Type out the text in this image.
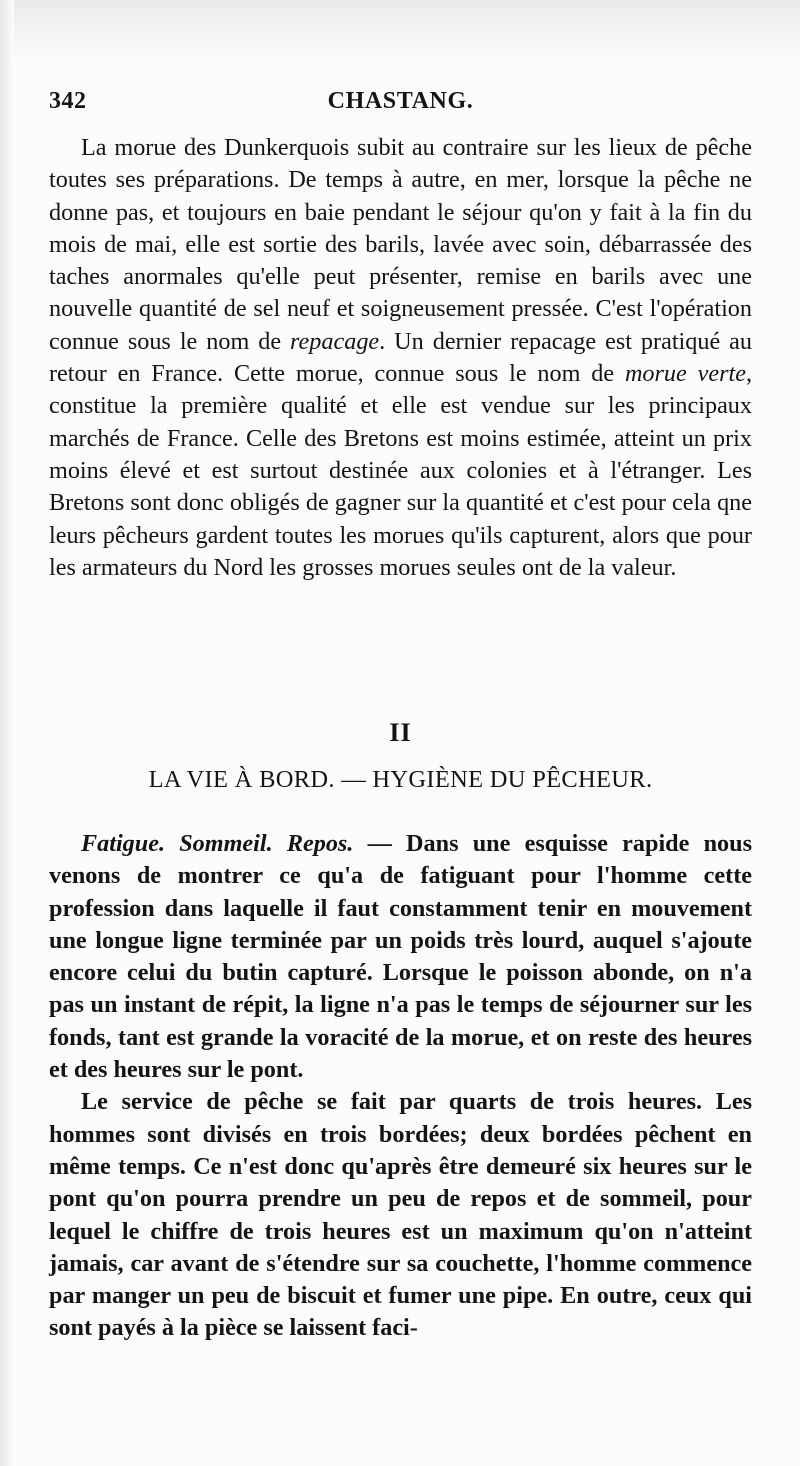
342	CHASTANG.

La morue des Dunkerquois subit au contraire sur les lieux de pêche toutes ses préparations. De temps à autre, en mer, lorsque la pêche ne donne pas, et toujours en baie pendant le séjour qu'on y fait à la fin du mois de mai, elle est sortie des barils, lavée avec soin, débarrassée des taches anormales qu'elle peut présenter, remise en barils avec une nouvelle quantité de sel neuf et soigneusement pressée. C'est l'opération connue sous le nom de repacage. Un dernier repacage est pratiqué au retour en France. Cette morue, connue sous le nom de morue verte, constitue la première qualité et elle est vendue sur les principaux marchés de France. Celle des Bretons est moins estimée, atteint un prix moins élevé et est surtout destinée aux colonies et à l'étranger. Les Bretons sont donc obligés de gagner sur la quantité et c'est pour cela qne leurs pêcheurs gardent toutes les morues qu'ils capturent, alors que pour les armateurs du Nord les grosses morues seules ont de la valeur.

II
LA VIE À BORD. — HYGIÈNE DU PÊCHEUR.

Fatigue. Sommeil. Repos. — Dans une esquisse rapide nous venons de montrer ce qu'a de fatiguant pour l'homme cette profession dans laquelle il faut constamment tenir en mouvement une longue ligne terminée par un poids très lourd, auquel s'ajoute encore celui du butin capturé. Lorsque le poisson abonde, on n'a pas un instant de répit, la ligne n'a pas le temps de séjourner sur les fonds, tant est grande la voracité de la morue, et on reste des heures et des heures sur le pont.

Le service de pêche se fait par quarts de trois heures. Les hommes sont divisés en trois bordées; deux bordées pêchent en même temps. Ce n'est donc qu'après être demeuré six heures sur le pont qu'on pourra prendre un peu de repos et de sommeil, pour lequel le chiffre de trois heures est un maximum qu'on n'atteint jamais, car avant de s'étendre sur sa couchette, l'homme commence par manger un peu de biscuit et fumer une pipe. En outre, ceux qui sont payés à la pièce se laissent faci-
